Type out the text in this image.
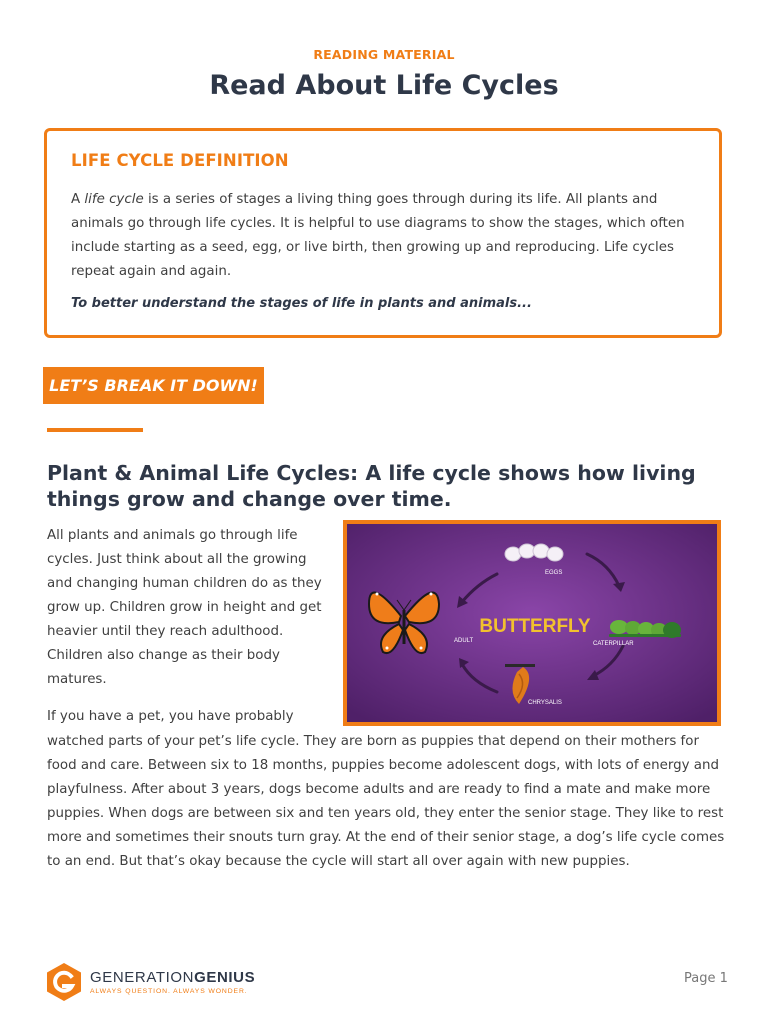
READING MATERIAL
Read About Life Cycles
LIFE CYCLE DEFINITION

A life cycle is a series of stages a living thing goes through during its life. All plants and animals go through life cycles. It is helpful to use diagrams to show the stages, which often include starting as a seed, egg, or live birth, then growing up and reproducing. Life cycles repeat again and again.

To better understand the stages of life in plants and animals...

LET’S BREAK IT DOWN!
Plant & Animal Life Cycles: A life cycle shows how living things grow and change over time.

All plants and animals go through life cycles. Just think about all the growing and changing human children do as they grow up. Children grow in height and get heavier until they reach adulthood. Children also change as their body matures.

If you have a pet, you have probably

watched parts of your pet’s life cycle. They are born as puppies that depend on their mothers for food and care. Between six to 18 months, puppies become adolescent dogs, with lots of energy and playfulness. After about 3 years, dogs become adults and are ready to find a mate and make more puppies. When dogs are between six and ten years old, they enter the senior stage. They like to rest more and sometimes their snouts turn gray. At the end of their senior stage, a dog’s life cycle comes to an end. But that’s okay because the cycle will start all over again with new puppies.

EGGS
CATERPILLAR
CHRYSALIS
ADULT
BUTTERFLY
GENERATIONGENIUS
ALWAYS QUESTION. ALWAYS WONDER.
Page 1
